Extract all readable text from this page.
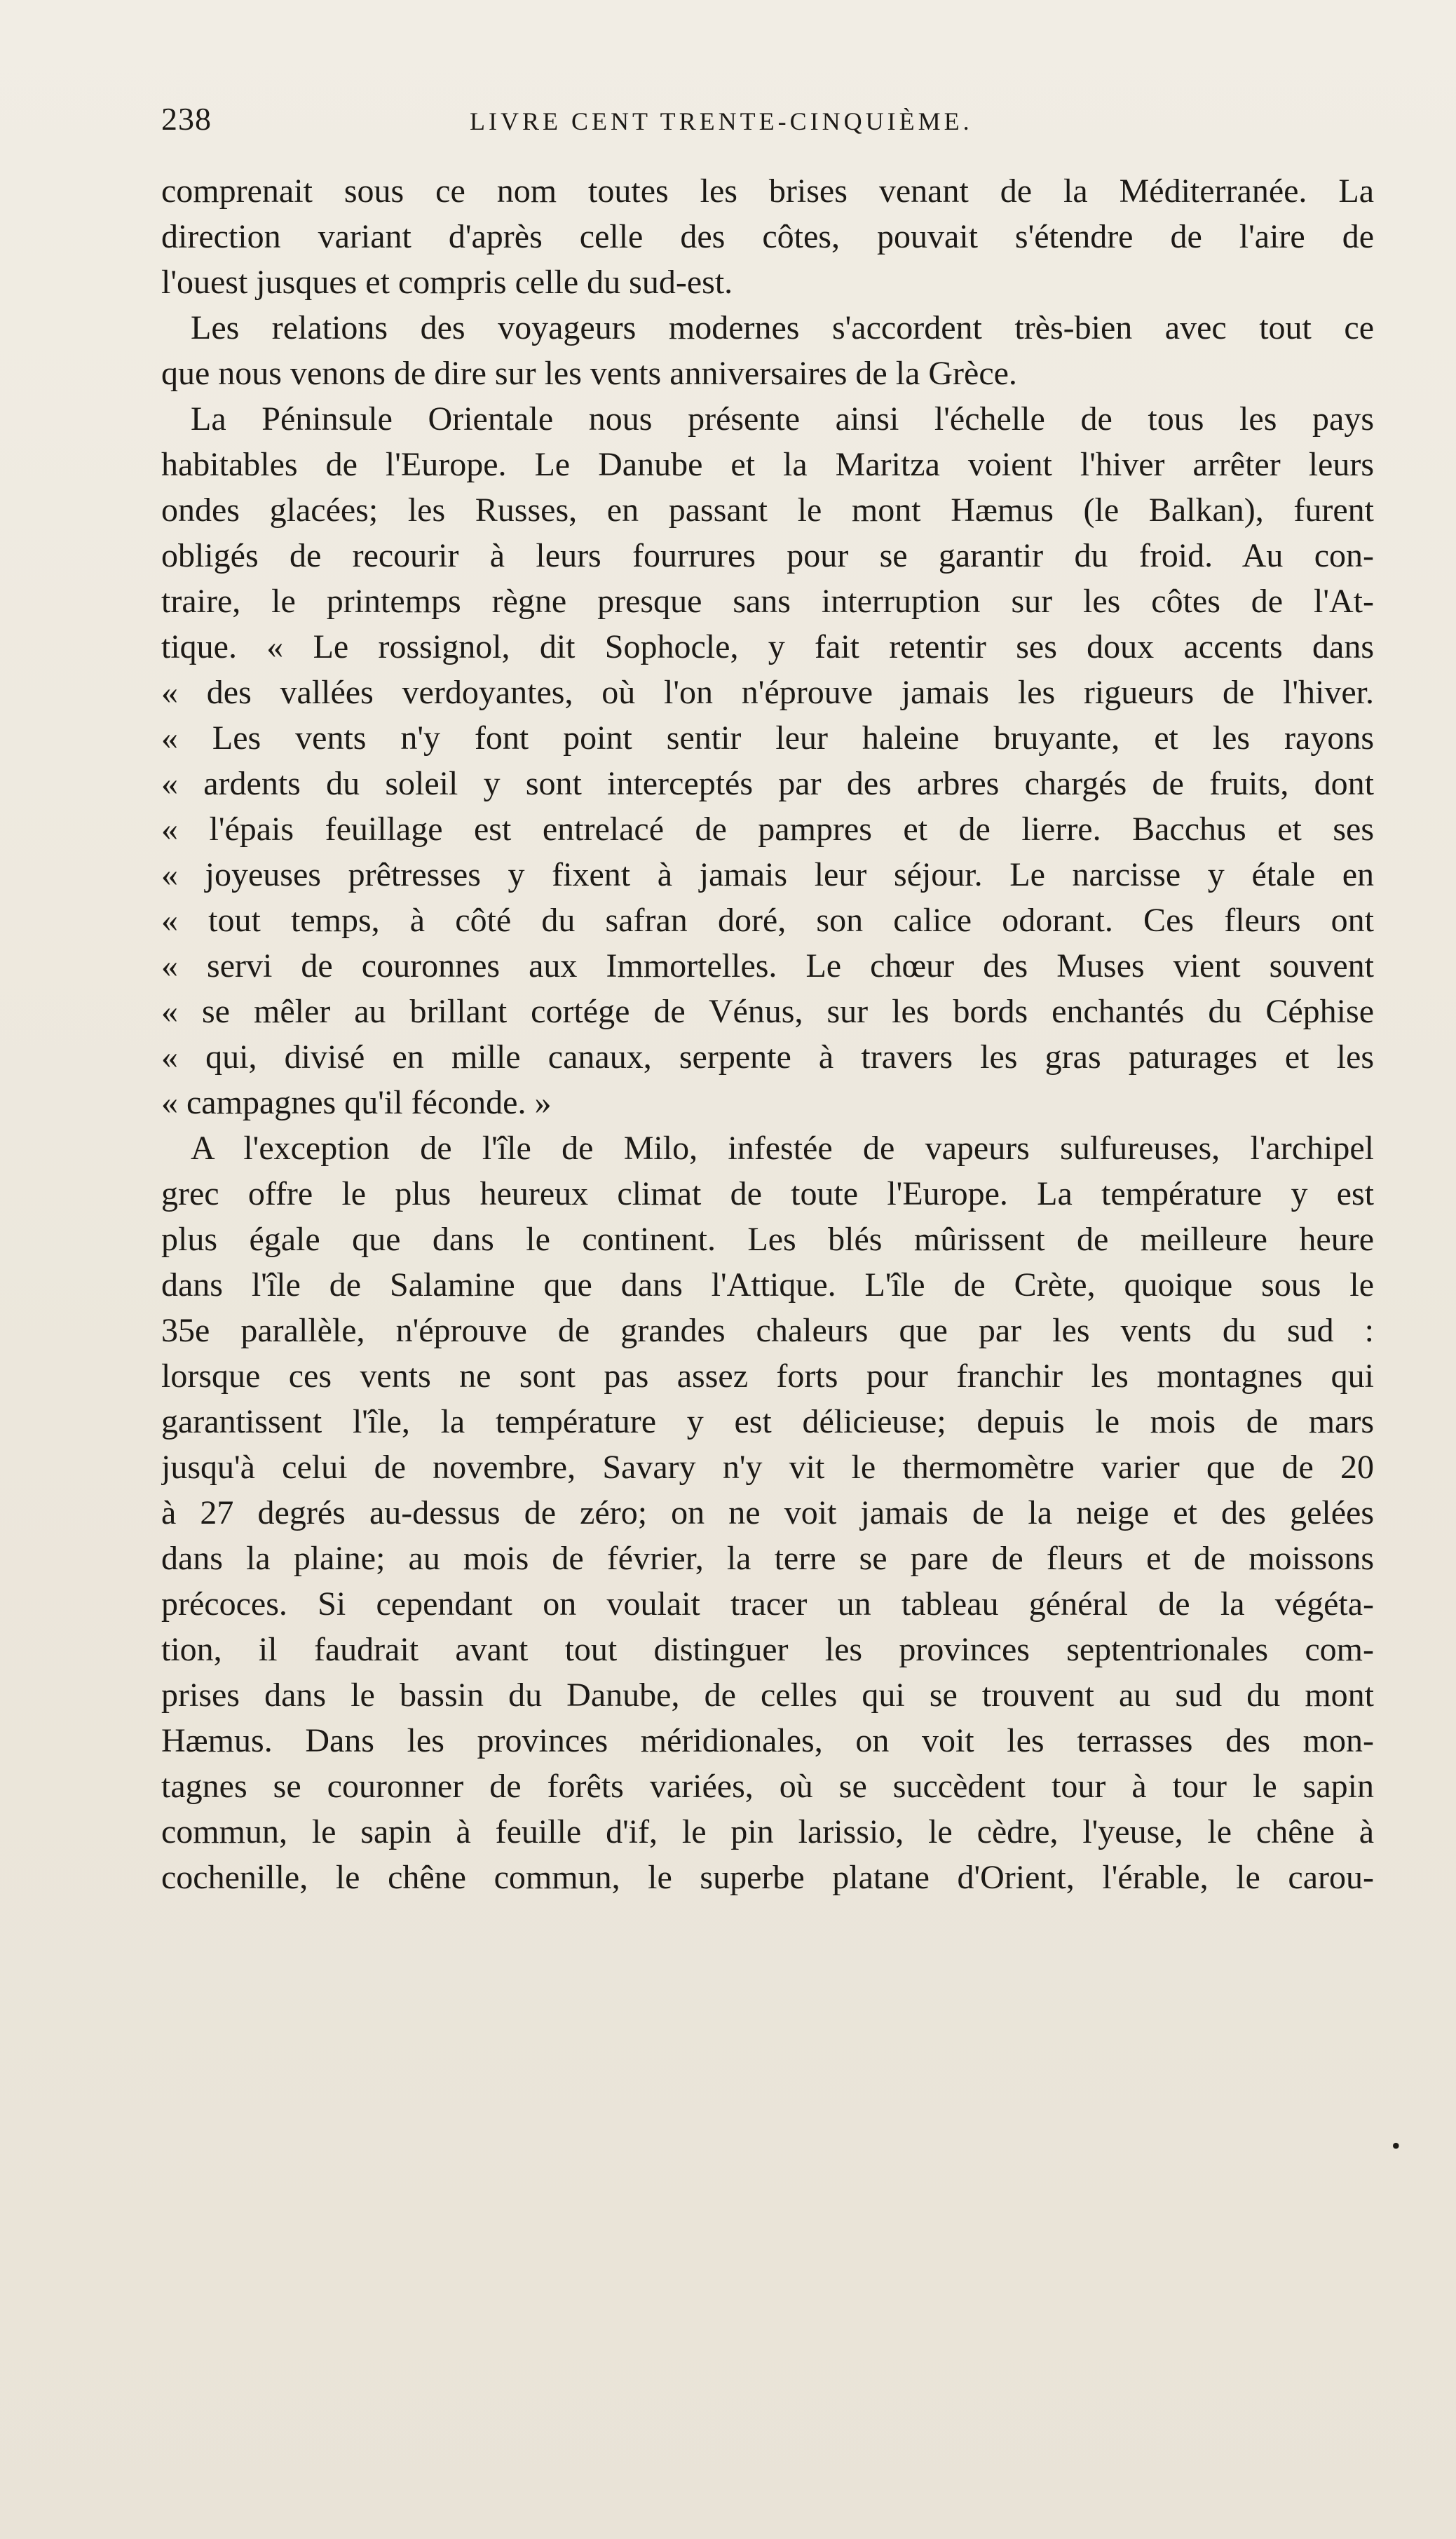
238	LIVRE CENT TRENTE-CINQUIÈME.
comprenait sous ce nom toutes les brises venant de la Méditerranée. La
direction variant d'après celle des côtes, pouvait s'étendre de l'aire de
l'ouest jusques et compris celle du sud-est.
Les relations des voyageurs modernes s'accordent très-bien avec tout ce
que nous venons de dire sur les vents anniversaires de la Grèce.
La Péninsule Orientale nous présente ainsi l'échelle de tous les pays
habitables de l'Europe. Le Danube et la Maritza voient l'hiver arrêter leurs
ondes glacées; les Russes, en passant le mont Hæmus (le Balkan), furent
obligés de recourir à leurs fourrures pour se garantir du froid. Au con-
traire, le printemps règne presque sans interruption sur les côtes de l'At-
tique. « Le rossignol, dit Sophocle, y fait retentir ses doux accents dans
« des vallées verdoyantes, où l'on n'éprouve jamais les rigueurs de l'hiver.
« Les vents n'y font point sentir leur haleine bruyante, et les rayons
« ardents du soleil y sont interceptés par des arbres chargés de fruits, dont
« l'épais feuillage est entrelacé de pampres et de lierre. Bacchus et ses
« joyeuses prêtresses y fixent à jamais leur séjour. Le narcisse y étale en
« tout temps, à côté du safran doré, son calice odorant. Ces fleurs ont
« servi de couronnes aux Immortelles. Le chœur des Muses vient souvent
« se mêler au brillant cortége de Vénus, sur les bords enchantés du Céphise
« qui, divisé en mille canaux, serpente à travers les gras paturages et les
« campagnes qu'il féconde. »
A l'exception de l'île de Milo, infestée de vapeurs sulfureuses, l'archipel
grec offre le plus heureux climat de toute l'Europe. La température y est
plus égale que dans le continent. Les blés mûrissent de meilleure heure
dans l'île de Salamine que dans l'Attique. L'île de Crète, quoique sous le
35e parallèle, n'éprouve de grandes chaleurs que par les vents du sud :
lorsque ces vents ne sont pas assez forts pour franchir les montagnes qui
garantissent l'île, la température y est délicieuse; depuis le mois de mars
jusqu'à celui de novembre, Savary n'y vit le thermomètre varier que de 20
à 27 degrés au-dessus de zéro; on ne voit jamais de la neige et des gelées
dans la plaine; au mois de février, la terre se pare de fleurs et de moissons
précoces. Si cependant on voulait tracer un tableau général de la végéta-
tion, il faudrait avant tout distinguer les provinces septentrionales com-
prises dans le bassin du Danube, de celles qui se trouvent au sud du mont
Hæmus. Dans les provinces méridionales, on voit les terrasses des mon-
tagnes se couronner de forêts variées, où se succèdent tour à tour le sapin
commun, le sapin à feuille d'if, le pin larissio, le cèdre, l'yeuse, le chêne à
cochenille, le chêne commun, le superbe platane d'Orient, l'érable, le carou-
•
